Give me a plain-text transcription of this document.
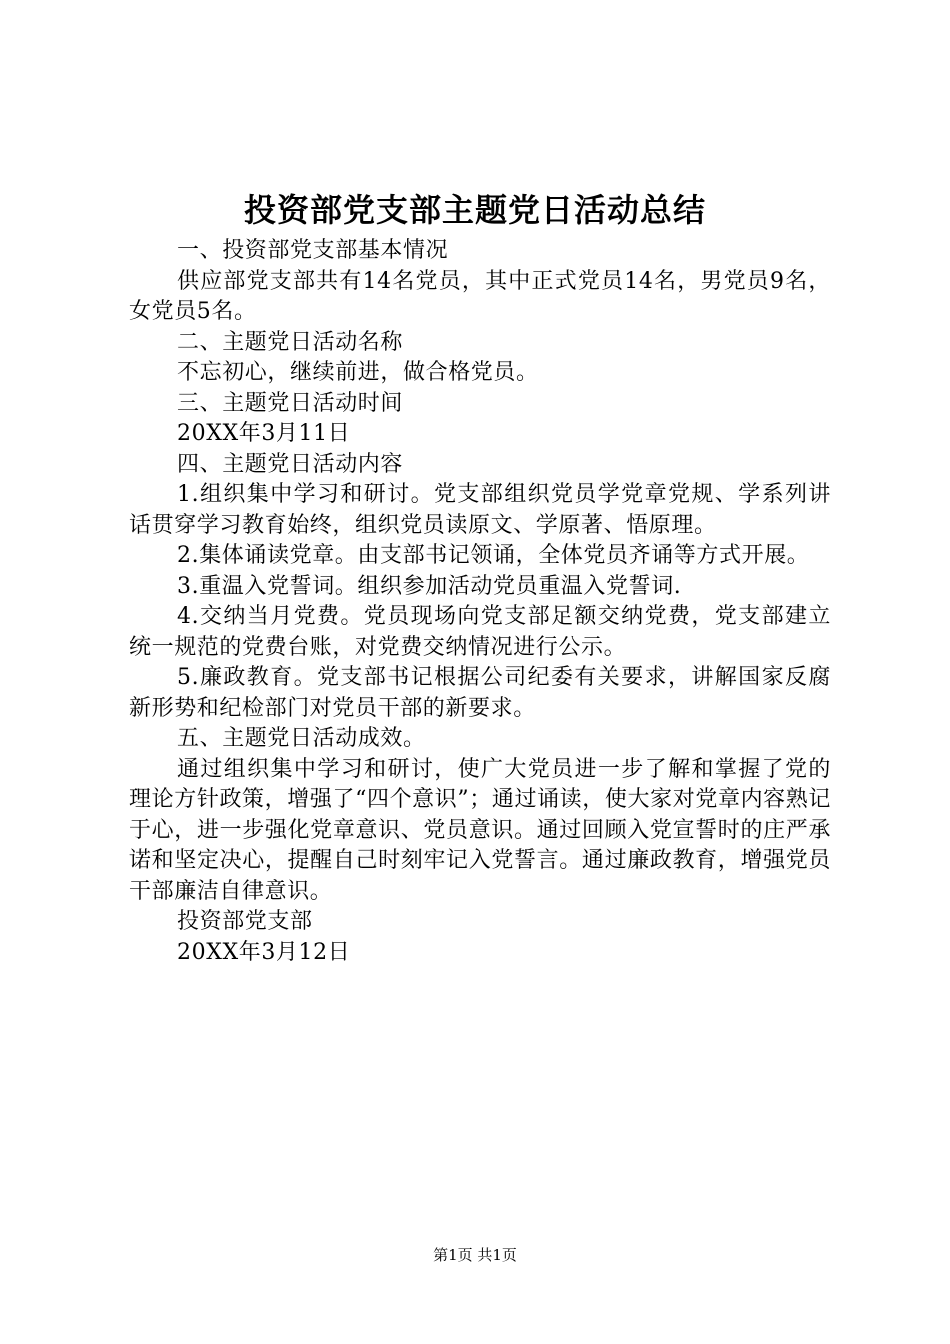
投资部党支部主题党日活动总结

一、投资部党支部基本情况

供应部党支部共有14名党员，其中正式党员14名，男党员9名，女党员5名。

二、主题党日活动名称

不忘初心，继续前进，做合格党员。

三、主题党日活动时间

20XX年3月11日

四、主题党日活动内容

1.组织集中学习和研讨。党支部组织党员学党章党规、学系列讲话贯穿学习教育始终，组织党员读原文、学原著、悟原理。

2.集体诵读党章。由支部书记领诵，全体党员齐诵等方式开展。

3.重温入党誓词。组织参加活动党员重温入党誓词.

4.交纳当月党费。党员现场向党支部足额交纳党费，党支部建立统一规范的党费台账，对党费交纳情况进行公示。

5.廉政教育。党支部书记根据公司纪委有关要求，讲解国家反腐新形势和纪检部门对党员干部的新要求。

五、主题党日活动成效。

通过组织集中学习和研讨，使广大党员进一步了解和掌握了党的理论方针政策，增强了“四个意识”；通过诵读，使大家对党章内容熟记于心，进一步强化党章意识、党员意识。通过回顾入党宣誓时的庄严承诺和坚定决心，提醒自己时刻牢记入党誓言。通过廉政教育，增强党员干部廉洁自律意识。

投资部党支部

20XX年3月12日

第1页 共1页
